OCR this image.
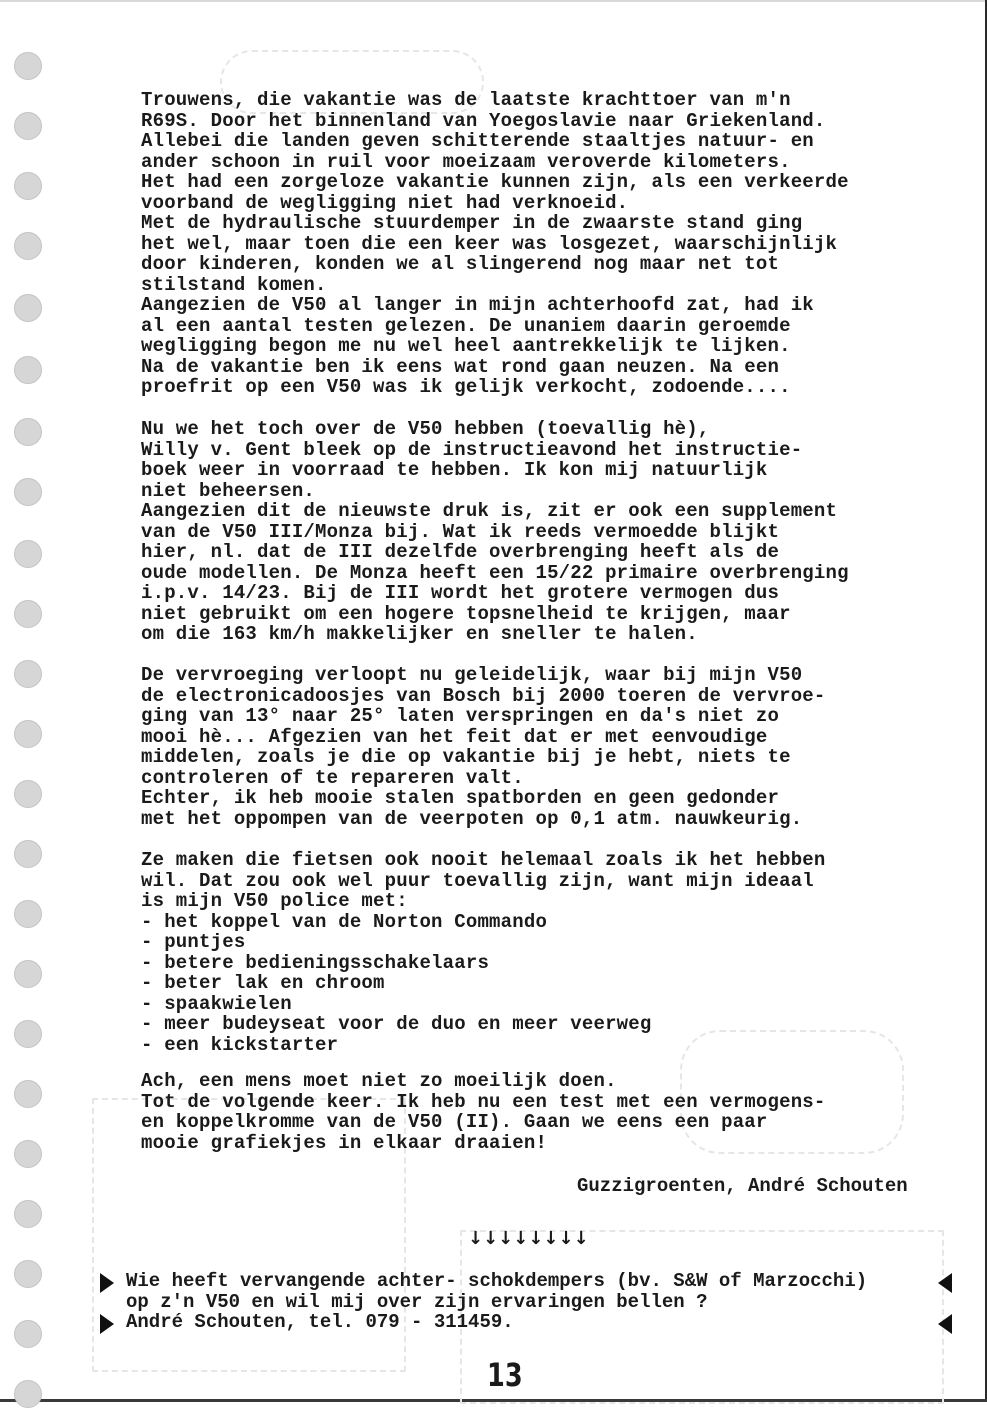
Trouwens, die vakantie was de laatste krachttoer van m'n
R69S. Door het binnenland van Yoegoslavie naar Griekenland.
Allebei die landen geven schitterende staaltjes natuur- en
ander schoon in ruil voor moeizaam veroverde kilometers.
Het had een zorgeloze vakantie kunnen zijn, als een verkeerde
voorband de wegligging niet had verknoeid.
Met de hydraulische stuurdemper in de zwaarste stand ging
het wel, maar toen die een keer was losgezet, waarschijnlijk
door kinderen, konden we al slingerend nog maar net tot
stilstand komen.
Aangezien de V50 al langer in mijn achterhoofd zat, had ik
al een aantal testen gelezen. De unaniem daarin geroemde
wegligging begon me nu wel heel aantrekkelijk te lijken.
Na de vakantie ben ik eens wat rond gaan neuzen. Na een
proefrit op een V50 was ik gelijk verkocht, zodoende....
Nu we het toch over de V50 hebben (toevallig hè),
Willy v. Gent bleek op de instructieavond het instructie-
boek weer in voorraad te hebben. Ik kon mij natuurlijk
niet beheersen.
Aangezien dit de nieuwste druk is, zit er ook een supplement
van de V50 III/Monza bij. Wat ik reeds vermoedde blijkt
hier, nl. dat de III dezelfde overbrenging heeft als de
oude modellen. De Monza heeft een 15/22 primaire overbrenging
i.p.v. 14/23. Bij de III wordt het grotere vermogen dus
niet gebruikt om een hogere topsnelheid te krijgen, maar
om die 163 km/h makkelijker en sneller te halen.
De vervroeging verloopt nu geleidelijk, waar bij mijn V50
de electronicadoosjes van Bosch bij 2000 toeren de vervroe-
ging van 13° naar 25° laten verspringen en da's niet zo
mooi hè... Afgezien van het feit dat er met eenvoudige
middelen, zoals je die op vakantie bij je hebt, niets te
controleren of te repareren valt.
Echter, ik heb mooie stalen spatborden en geen gedonder
met het oppompen van de veerpoten op 0,1 atm. nauwkeurig.
Ze maken die fietsen ook nooit helemaal zoals ik het hebben
wil. Dat zou ook wel puur toevallig zijn, want mijn ideaal
is mijn V50 police met:
- het koppel van de Norton Commando
- puntjes
- betere bedieningsschakelaars
- beter lak en chroom
- spaakwielen
- meer budeyseat voor de duo en meer veerweg
- een kickstarter
Ach, een mens moet niet zo moeilijk doen.
Tot de volgende keer. Ik heb nu een test met een vermogens-
en koppelkromme van de V50 (II). Gaan we eens een paar
mooie grafiekjes in elkaar draaien!
Guzzigroenten, André Schouten
↓↓↓↓↓↓↓↓
Wie heeft vervangende achter- schokdempers (bv. S&W of Marzocchi)
op z'n V50 en wil mij over zijn ervaringen bellen ?
André Schouten, tel. 079 - 311459.
13
